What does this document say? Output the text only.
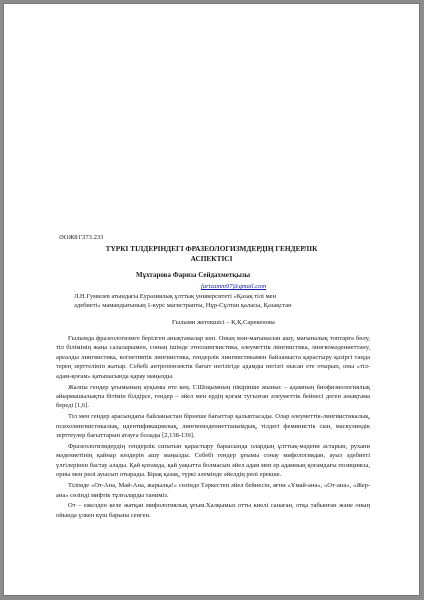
ӘОЖ81'373.233
ТҮРКІ ТІЛДЕРІНДЕГІ ФРАЗЕОЛОГИЗМДЕРДІҢ ГЕНДЕРЛІК
АСПЕКТІСІ
Мұхтарова Фариза Сейдахметқызы
farizamm97@gmail.com
Л.Н.Гумилев атындағы Еуразиялық ұлттық университеті «Қазақ тілі мен
әдебиеті» мамандығының 1-курс магистранты, Нұр-Сұлтан қаласы, Қазақстан
Ғылыми жетекшісі – Қ.Қ.Сарекенова

Ғылымда фразеологизмге берілген анықтамалар көп. Оның мән-мағынасын ашу, мағыналық топтарға бөлу, тіл білімінің жаңа салаларымен, соның ішінде этнолингвистика, әлеуметтік лингвистика, лингвомәдениеттану, ареалды лингвистика, когнетивтік лингвистика, гендерлік лингвистикамен байланыста қарастыру қазіргі таңда терең зерттелініп жатыр. Себебі антропоөзектік бағыт негізігіде адамды негізгі нысан ете отырып, оны «тіл-адам-қоғам» қатынасында қарау маңызды.

Жалпы гендер ұғымының ауқымы өте кең. Г.Шоқымның пікірінше жыныс – адамның биофизиологиялық айырмашылықты бітімін білдірсе, гендер – әйел мен ердің қоғам тугызған әлеуметтік бейнесі деген анықтама береді [1,6].

Тіл мен гендер арасындағы байланыстан бірнеше бағыттар қалыптасады. Олар әлеуметтік-лингвистикалық, психолингвистикалық, идентификациялық, лингвомәдениеттанымдық, тілдегі феминистік сын, маскулиндік зерттеулер бағыттарын атауға болады [2,138-139].

Фразеологизмдердің гендерлік сипатын қарастыру барысында олардың ұлттық-мәдени астарын, рухани мәдениетінің қайнар көздерін ашу маңызды. Себебі гендер ұғымы сонау мифологиядан, ауыз әдебиеті үлгілерінен бастау алады. Қай қоғамда, қай уақытта болмасын әйел адам мен ер адамның қоғамдағы позициясы, орны мен рөлі ауысып отырады. Бірақ қазақ, түркі әлемінде әйелдің рөлі ерекше.

Тілімде «От-Ана, Май-Ана, жарылқа!» сөзіндә Тәркестен әйел бейнесін, яғни «Ұмай-ана», «От-ана», «Жер-ана» сөзінді мифтік тұлғаларды таниміз.

От – ежелден келе жатқан мифологиялық ұғым.Халқымыз отты киелі санаған, отқа табынған және оның ойында үлкен күш барына сенген.
